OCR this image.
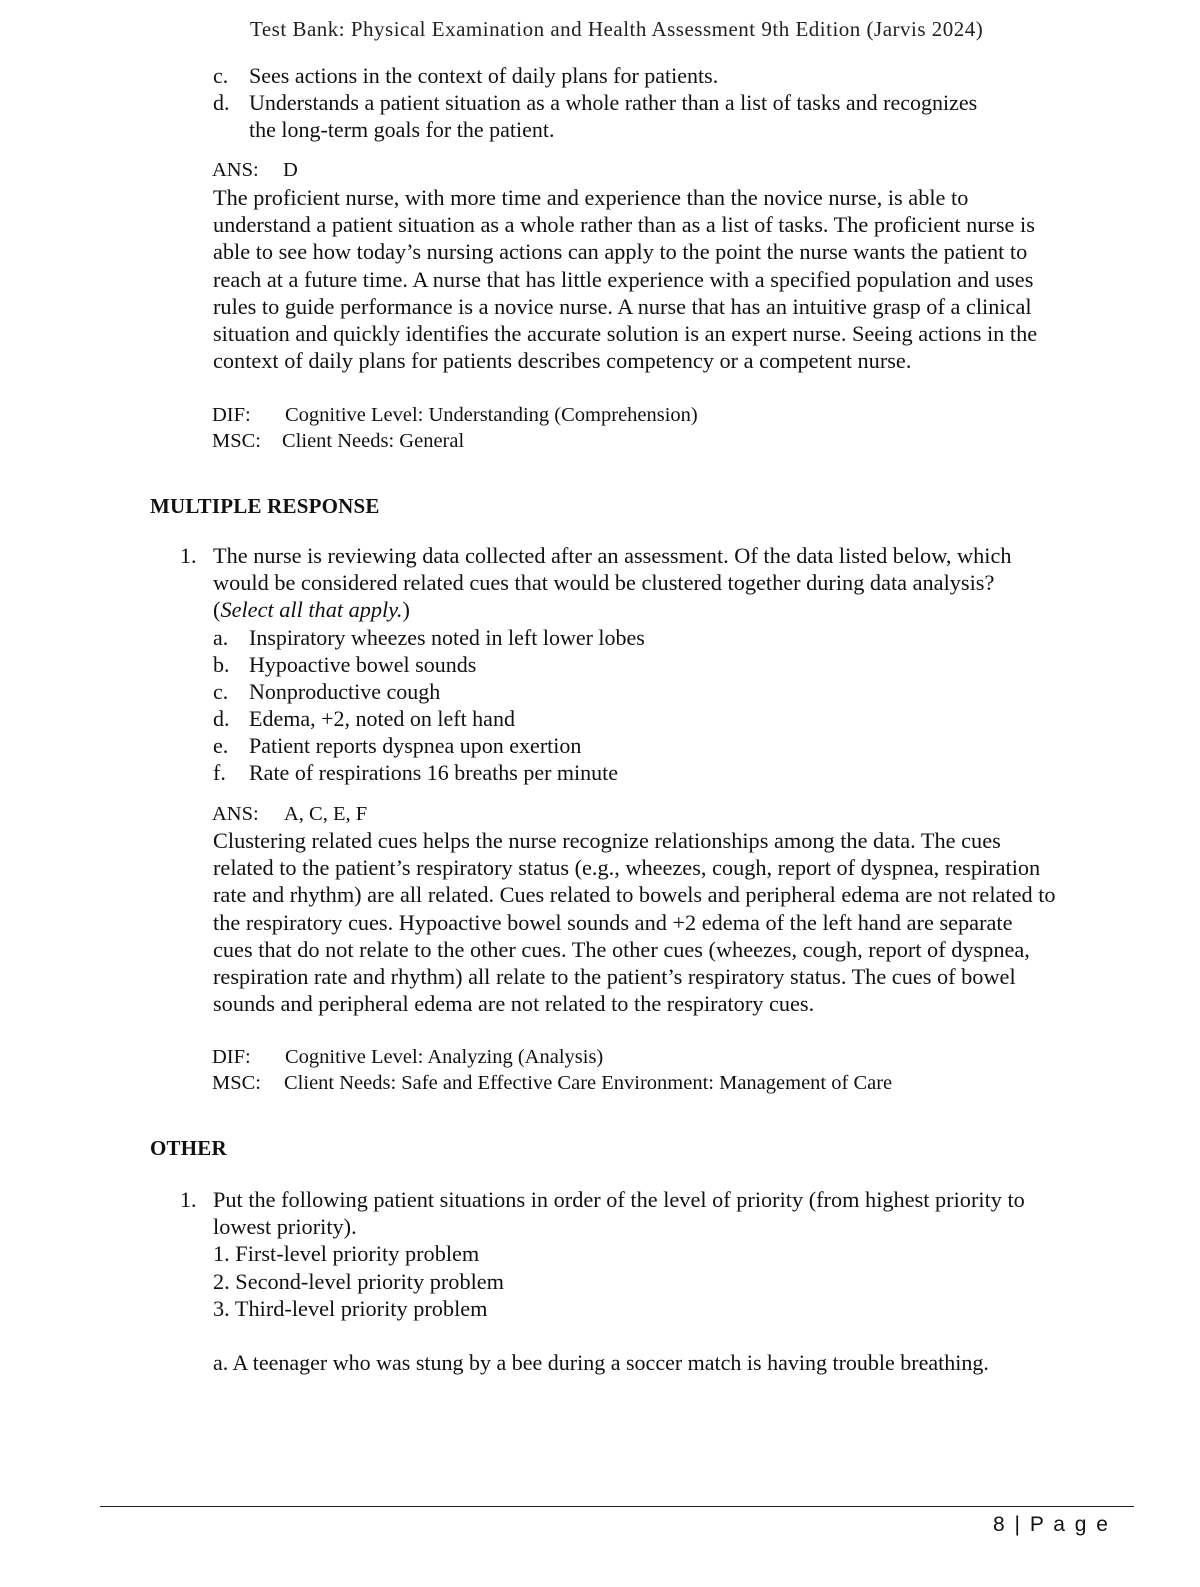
Test Bank: Physical Examination and Health Assessment 9th Edition (Jarvis 2024)
c. Sees actions in the context of daily plans for patients.
d. Understands a patient situation as a whole rather than a list of tasks and recognizes
the long-term goals for the patient.
ANS: D

The proficient nurse, with more time and experience than the novice nurse, is able to

understand a patient situation as a whole rather than as a list of tasks. The proficient nurse is

able to see how today’s nursing actions can apply to the point the nurse wants the patient to

reach at a future time. A nurse that has little experience with a specified population and uses

rules to guide performance is a novice nurse. A nurse that has an intuitive grasp of a clinical

situation and quickly identifies the accurate solution is an expert nurse. Seeing actions in the

context of daily plans for patients describes competency or a competent nurse.

DIF: Cognitive Level: Understanding (Comprehension)
MSC: Client Needs: General
MULTIPLE RESPONSE
1. The nurse is reviewing data collected after an assessment. Of the data listed below, which

would be considered related cues that would be clustered together during data analysis?

(Select all that apply.)

a. Inspiratory wheezes noted in left lower lobes
b. Hypoactive bowel sounds
c. Nonproductive cough
d. Edema, +2, noted on left hand
e. Patient reports dyspnea upon exertion
f. Rate of respirations 16 breaths per minute
ANS: A, C, E, F

Clustering related cues helps the nurse recognize relationships among the data. The cues

related to the patient’s respiratory status (e.g., wheezes, cough, report of dyspnea, respiration

rate and rhythm) are all related. Cues related to bowels and peripheral edema are not related to

the respiratory cues. Hypoactive bowel sounds and +2 edema of the left hand are separate

cues that do not relate to the other cues. The other cues (wheezes, cough, report of dyspnea,

respiration rate and rhythm) all relate to the patient’s respiratory status. The cues of bowel

sounds and peripheral edema are not related to the respiratory cues.

DIF: Cognitive Level: Analyzing (Analysis)
MSC: Client Needs: Safe and Effective Care Environment: Management of Care
OTHER
1. Put the following patient situations in order of the level of priority (from highest priority to

lowest priority).

1. First-level priority problem

2. Second-level priority problem

3. Third-level priority problem

a. A teenager who was stung by a bee during a soccer match is having trouble breathing.
8 | P a g e
